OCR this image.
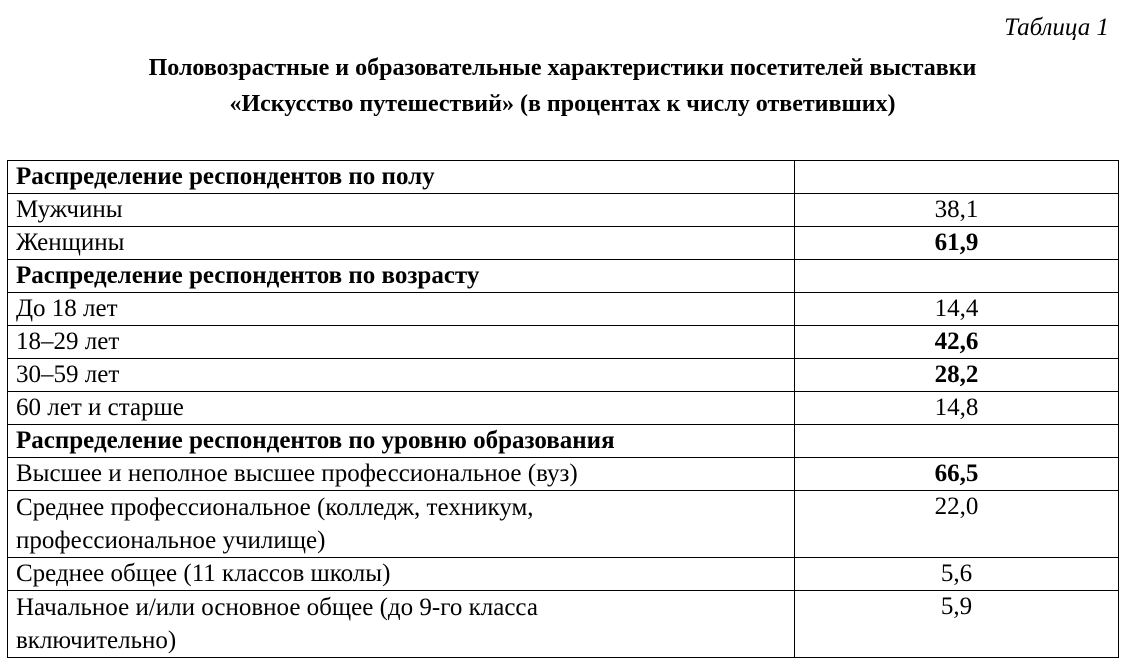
Таблица 1
Половозрастные и образовательные характеристики посетителей выставки
«Искусство путешествий» (в процентах к числу ответивших)
Распределение респондентов по полу	
Мужчины	38,1
Женщины	61,9
Распределение респондентов по возрасту	
До 18 лет	14,4
18–29 лет	42,6
30–59 лет	28,2
60 лет и старше	14,8
Распределение респондентов по уровню образования	
Высшее и неполное высшее профессиональное (вуз)	66,5

Среднее профессиональное (колледж, техникум,
профессиональное училище)	22,0
Среднее общее (11 классов школы)	5,6

Начальное и/или основное общее (до 9-го класса
включительно)	5,9
